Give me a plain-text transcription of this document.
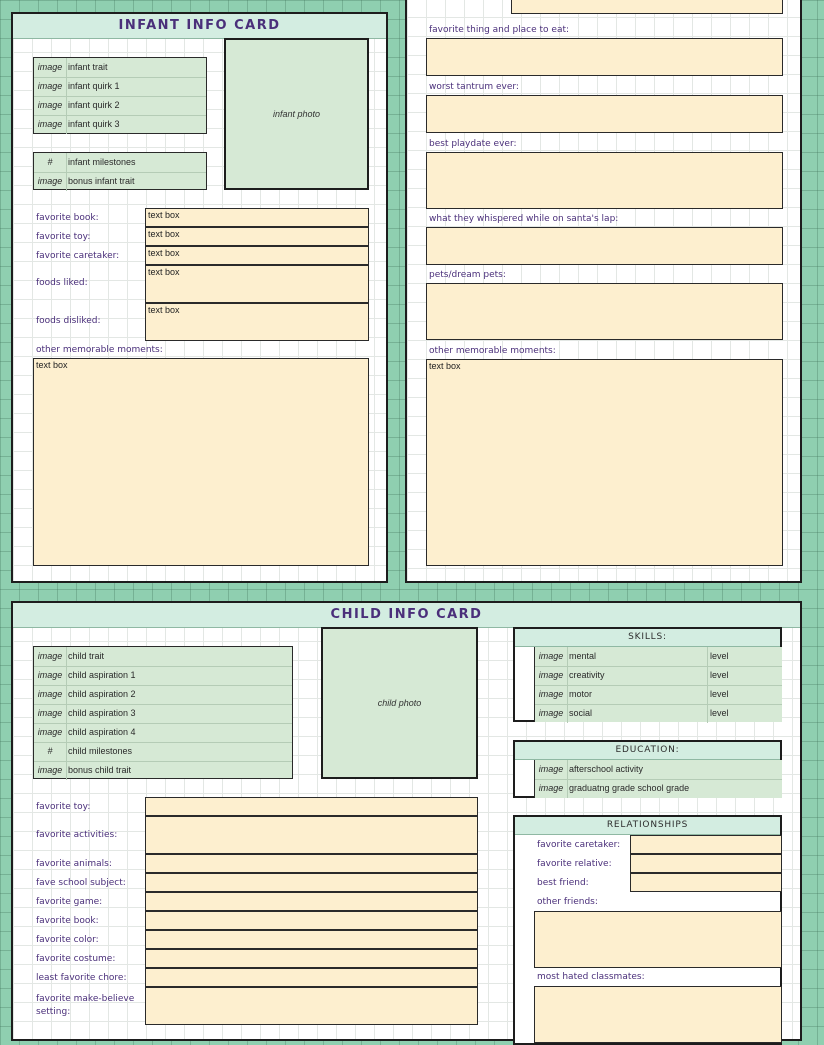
INFANT INFO CARD
image infant trait
image infant quirk 1
image infant quirk 2
image infant quirk 3
#	infant milestones
image bonus infant trait
infant photo
favorite book:	text box
favorite toy:	text box
favorite caretaker:	text box
foods liked:
text box
foods disliked:
text box
other memorable moments:
text box
favorite thing and place to eat:
worst tantrum ever:
best playdate ever:
what they whispered while on santa's lap:
pets/dream pets:
other memorable moments:
text box
CHILD INFO CARD
image child trait
image child aspiration 1
image child aspiration 2
image child aspiration 3
image child aspiration 4
#	child milestones
image bonus child trait
child photo
favorite toy:
favorite activities:
favorite animals:
fave school subject:
favorite game:
favorite book:
favorite color:
favorite costume:
least favorite chore:
favorite make-believe setting:
SKILLS:
image mental	level
image creativity	level
image motor	level
image social	level
EDUCATION:
image afterschool activity
image graduatng grade school grade
RELATIONSHIPS
favorite caretaker:
favorite relative:
best friend:
other friends:
most hated classmates:
